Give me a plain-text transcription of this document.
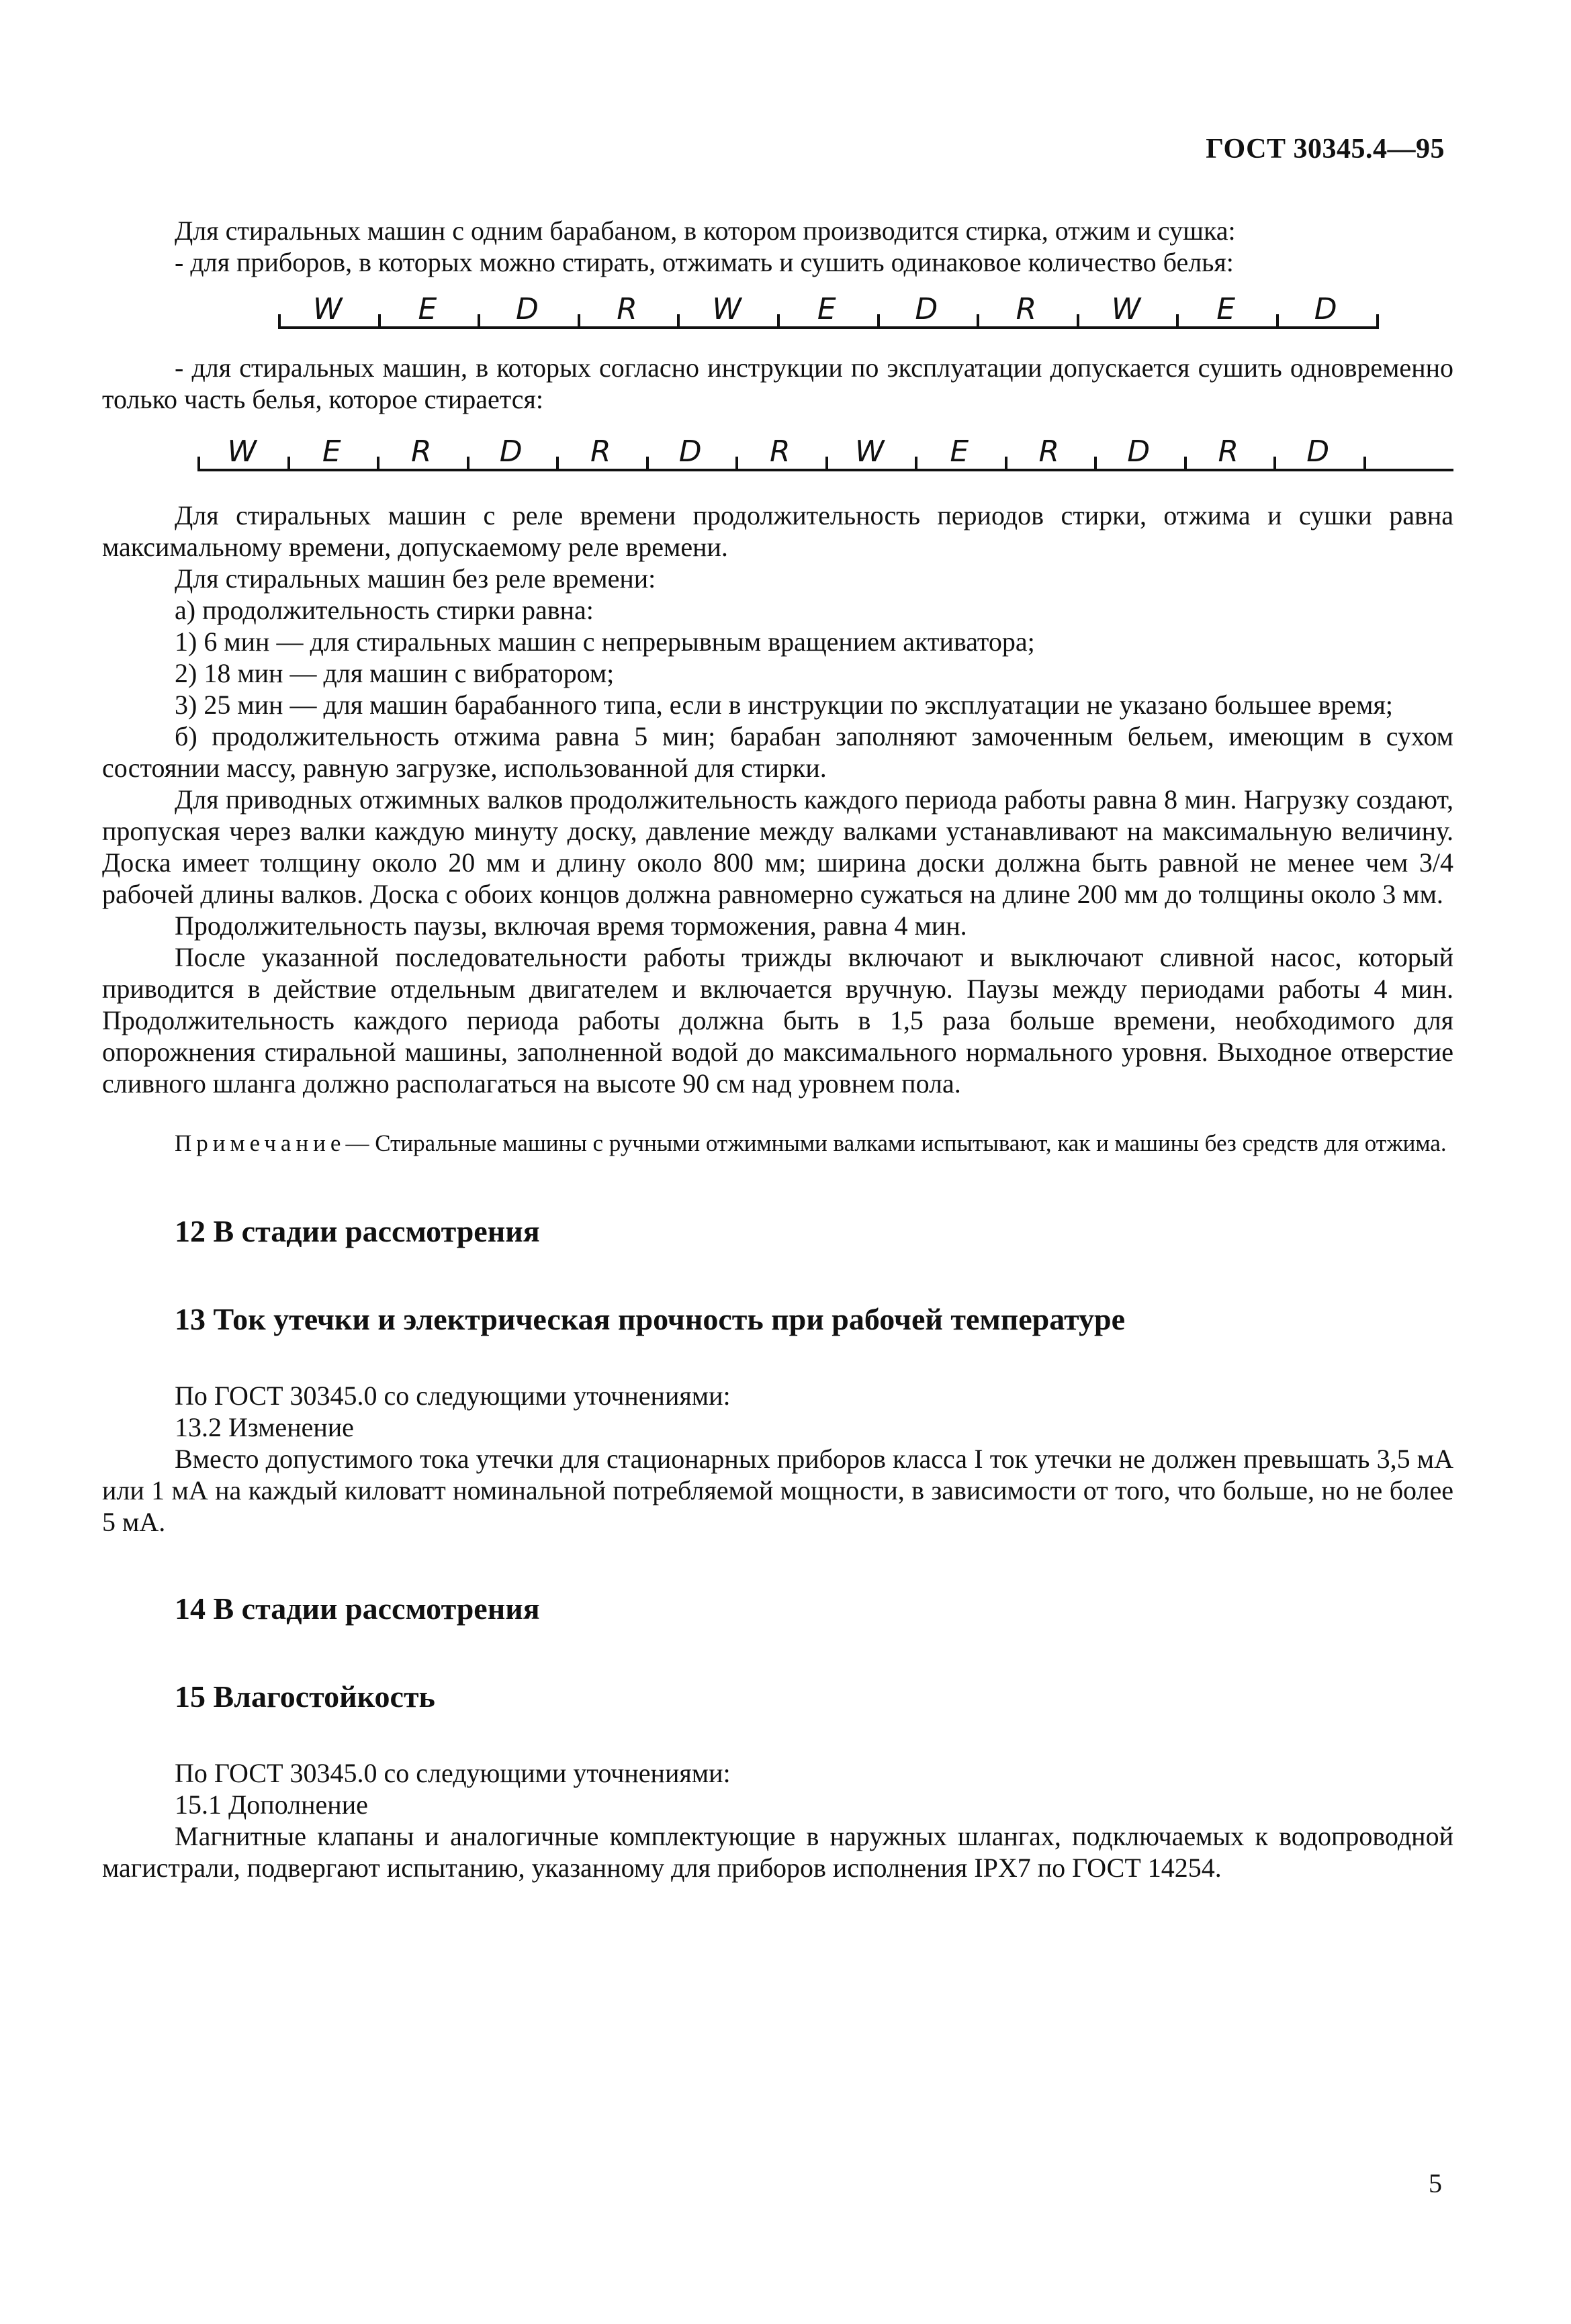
ГОСТ 30345.4—95

Для стиральных машин с одним барабаном, в котором производится стирка, отжим и сушка:

- для приборов, в которых можно стирать, отжимать и сушить одинаковое количество белья:

W	E	D	R	W	E	D	R	W	E	D

- для стиральных машин, в которых согласно инструкции по эксплуатации допускается сушить одновременно только часть белья, которое стирается:

W	E	R	D	R	D	R	W	E	R	D	R	D

Для стиральных машин с реле времени продолжительность периодов стирки, отжима и сушки равна максимальному времени, допускаемому реле времени.

Для стиральных машин без реле времени:

а) продолжительность стирки равна:

1) 6 мин — для стиральных машин с непрерывным вращением активатора;

2) 18 мин — для машин с вибратором;

3) 25 мин — для машин барабанного типа, если в инструкции по эксплуатации не указано большее время;

б) продолжительность отжима равна 5 мин; барабан заполняют замоченным бельем, имеющим в сухом состоянии массу, равную загрузке, использованной для стирки.

Для приводных отжимных валков продолжительность каждого периода работы равна 8 мин. Нагрузку создают, пропуская через валки каждую минуту доску, давление между валками устанавливают на максимальную величину. Доска имеет толщину около 20 мм и длину около 800 мм; ширина доски должна быть равной не менее чем 3/4 рабочей длины валков. Доска с обоих концов должна равномерно сужаться на длине 200 мм до толщины около 3 мм.

Продолжительность паузы, включая время торможения, равна 4 мин.

После указанной последовательности работы трижды включают и выключают сливной насос, который приводится в действие отдельным двигателем и включается вручную. Паузы между периодами работы 4 мин. Продолжительность каждого периода работы должна быть в 1,5 раза больше времени, необходимого для опорожнения стиральной машины, заполненной водой до максимального нормального уровня. Выходное отверстие сливного шланга должно располагаться на высоте 90 см над уровнем пола.

Примечание— Стиральные машины с ручными отжимными валками испытывают, как и машины без средств для отжима.

12 В стадии рассмотрения
13 Ток утечки и электрическая прочность при рабочей температуре

По ГОСТ 30345.0 со следующими уточнениями:

13.2 Изменение

Вместо допустимого тока утечки для стационарных приборов класса I ток утечки не должен превышать 3,5 мА или 1 мА на каждый киловатт номинальной потребляемой мощности, в зависимости от того, что больше, но не более 5 мА.

14 В стадии рассмотрения
15 Влагостойкость

По ГОСТ 30345.0 со следующими уточнениями:

15.1 Дополнение

Магнитные клапаны и аналогичные комплектующие в наружных шлангах, подключаемых к водопроводной магистрали, подвергают испытанию, указанному для приборов исполнения IPX7 по ГОСТ 14254.

5
